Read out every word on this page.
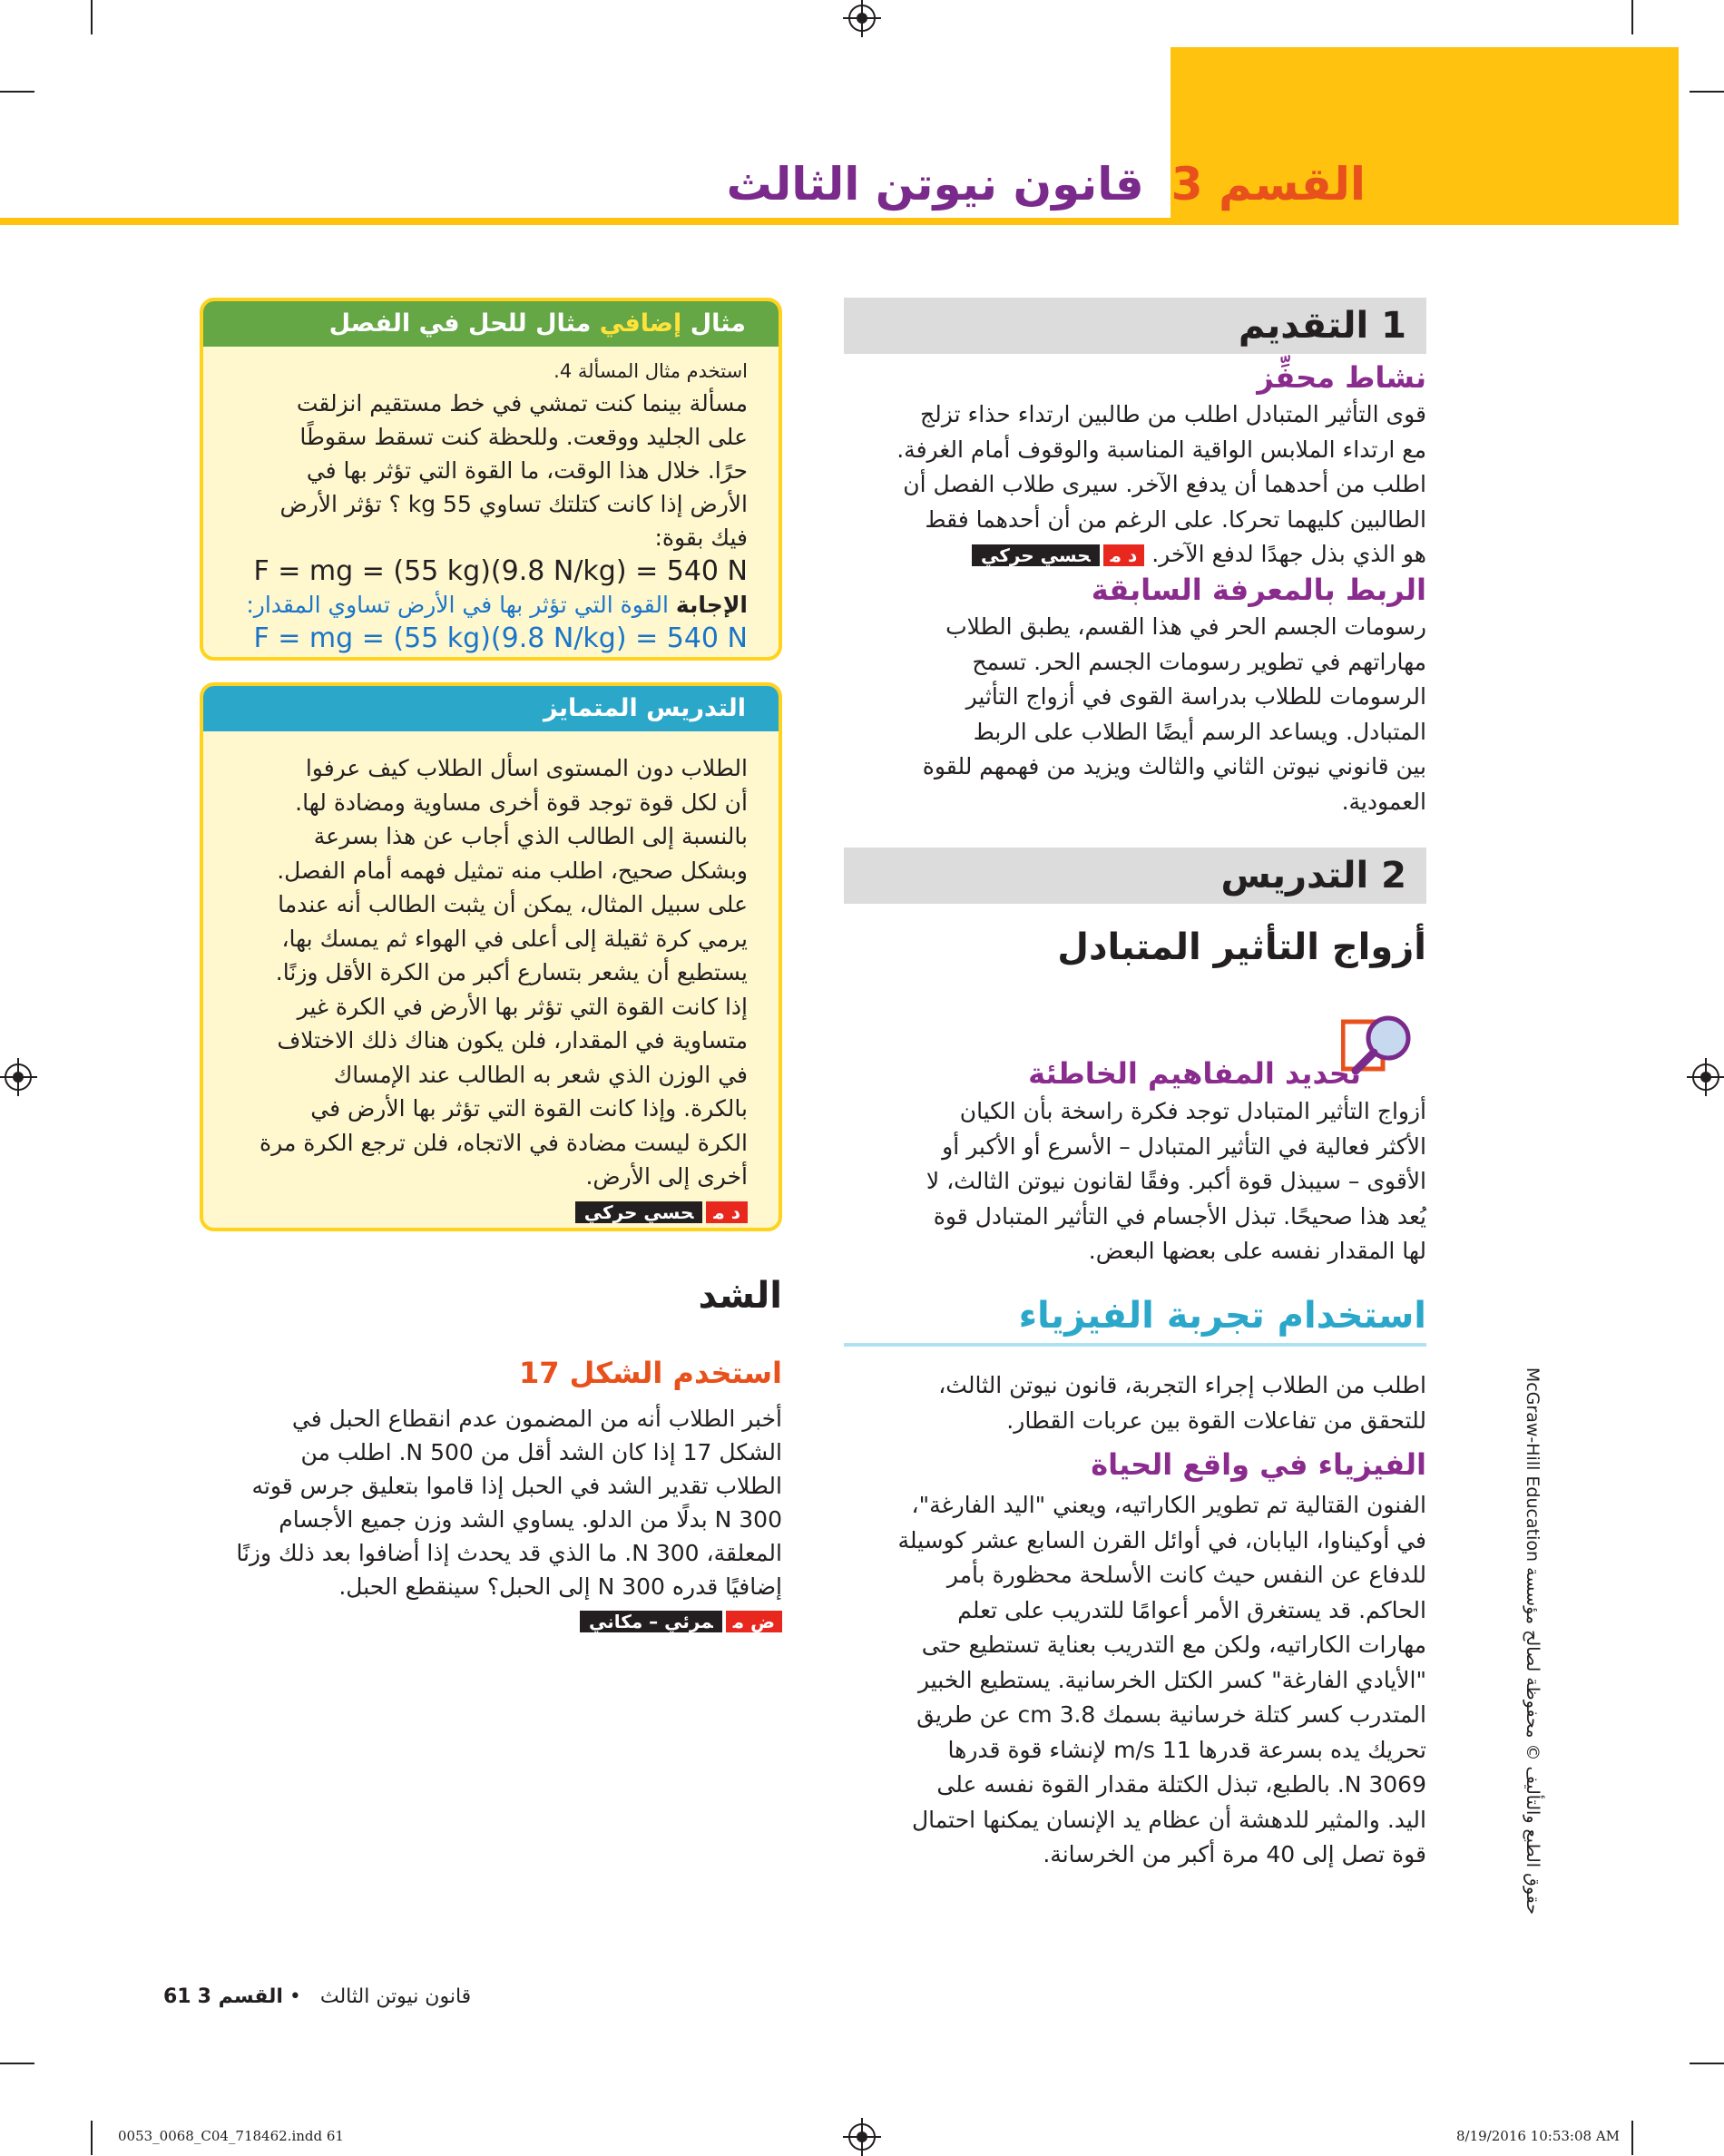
القسم 3قانون نيوتن الثالث
1 التقديم
نشاط محفِّز
قوى التأثير المتبادل اطلب من طالبين ارتداء حذاء تزلج
مع ارتداء الملابس الواقية المناسبة والوقوف أمام الغرفة.
اطلب من أحدهما أن يدفع الآخر. سيرى طلاب الفصل أن
الطالبين كليهما تحركا. على الرغم من أن أحدهما فقط
هو الذي بذل جهدًا لدفع الآخر. د محسي حركي
الربط بالمعرفة السابقة
رسومات الجسم الحر في هذا القسم، يطبق الطلاب
مهاراتهم في تطوير رسومات الجسم الحر. تسمح
الرسومات للطلاب بدراسة القوى في أزواج التأثير
المتبادل. ويساعد الرسم أيضًا الطلاب على الربط
بين قانوني نيوتن الثاني والثالث ويزيد من فهمهم للقوة
العمودية.
2 التدريس
أزواج التأثير المتبادل
تحديد المفاهيم الخاطئة
أزواج التأثير المتبادل توجد فكرة راسخة بأن الكيان
الأكثر فعالية في التأثير المتبادل – الأسرع أو الأكبر أو
الأقوى – سيبذل قوة أكبر. وفقًا لقانون نيوتن الثالث، لا
يُعد هذا صحيحًا. تبذل الأجسام في التأثير المتبادل قوة
لها المقدار نفسه على بعضها البعض.
استخدام تجربة الفيزياء
اطلب من الطلاب إجراء التجربة، قانون نيوتن الثالث،
للتحقق من تفاعلات القوة بين عربات القطار.
الفيزياء في واقع الحياة
الفنون القتالية تم تطوير الكاراتيه، ويعني "اليد الفارغة"،
في أوكيناوا، اليابان، في أوائل القرن السابع عشر كوسيلة
للدفاع عن النفس حيث كانت الأسلحة محظورة بأمر
الحاكم. قد يستغرق الأمر أعوامًا للتدريب على تعلم
مهارات الكاراتيه، ولكن مع التدريب بعناية تستطيع حتى
"الأيادي الفارغة" كسر الكتل الخرسانية. يستطيع الخبير
المتدرب كسر كتلة خرسانية بسمك 3.8 cm عن طريق
تحريك يده بسرعة قدرها 11 m/s لإنشاء قوة قدرها
3069 N. بالطبع، تبذل الكتلة مقدار القوة نفسه على
اليد. والمثير للدهشة أن عظام يد الإنسان يمكنها احتمال
قوة تصل إلى 40 مرة أكبر من الخرسانة.
مثال إضافي مثال للحل في الفصل
استخدم مثال المسألة 4.
مسألة بينما كنت تمشي في خط مستقيم انزلقت
على الجليد ووقعت. وللحظة كنت تسقط سقوطًا
حرًا. خلال هذا الوقت، ما القوة التي تؤثر بها في
الأرض إذا كانت كتلتك تساوي 55 kg ؟ تؤثر الأرض
فيك بقوة:
F = mg = (55 kg)(9.8 N/kg) = 540 N
الإجابة القوة التي تؤثر بها في الأرض تساوي المقدار:
F = mg = (55 kg)(9.8 N/kg) = 540 N
التدريس المتمايز
الطلاب دون المستوى اسأل الطلاب كيف عرفوا
أن لكل قوة توجد قوة أخرى مساوية ومضادة لها.
بالنسبة إلى الطالب الذي أجاب عن هذا بسرعة
وبشكل صحيح، اطلب منه تمثيل فهمه أمام الفصل.
على سبيل المثال، يمكن أن يثبت الطالب أنه عندما
يرمي كرة ثقيلة إلى أعلى في الهواء ثم يمسك بها،
يستطيع أن يشعر بتسارع أكبر من الكرة الأقل وزنًا.
إذا كانت القوة التي تؤثر بها الأرض في الكرة غير
متساوية في المقدار، فلن يكون هناك ذلك الاختلاف
في الوزن الذي شعر به الطالب عند الإمساك
بالكرة. وإذا كانت القوة التي تؤثر بها الأرض في
الكرة ليست مضادة في الاتجاه، فلن ترجع الكرة مرة
أخرى إلى الأرض.
د محسي حركي
الشد
استخدم الشكل 17
أخبر الطلاب أنه من المضمون عدم انقطاع الحبل في
الشكل 17 إذا كان الشد أقل من 500 N. اطلب من
الطلاب تقدير الشد في الحبل إذا قاموا بتعليق جرس قوته
300 N بدلًا من الدلو. يساوي الشد وزن جميع الأجسام
المعلقة، 300 N. ما الذي قد يحدث إذا أضافوا بعد ذلك وزنًا
إضافيًا قدره 300 N إلى الحبل؟ سينقطع الحبل.
ض ممرئي – مكاني
حقوق الطبع والتأليف © محفوظة لصالح مؤسسة McGraw-Hill Education
61	قانون نيوتن الثالث • القسم 3
0053_0068_C04_718462.indd 61	8/19/2016 10:53:08 AM
